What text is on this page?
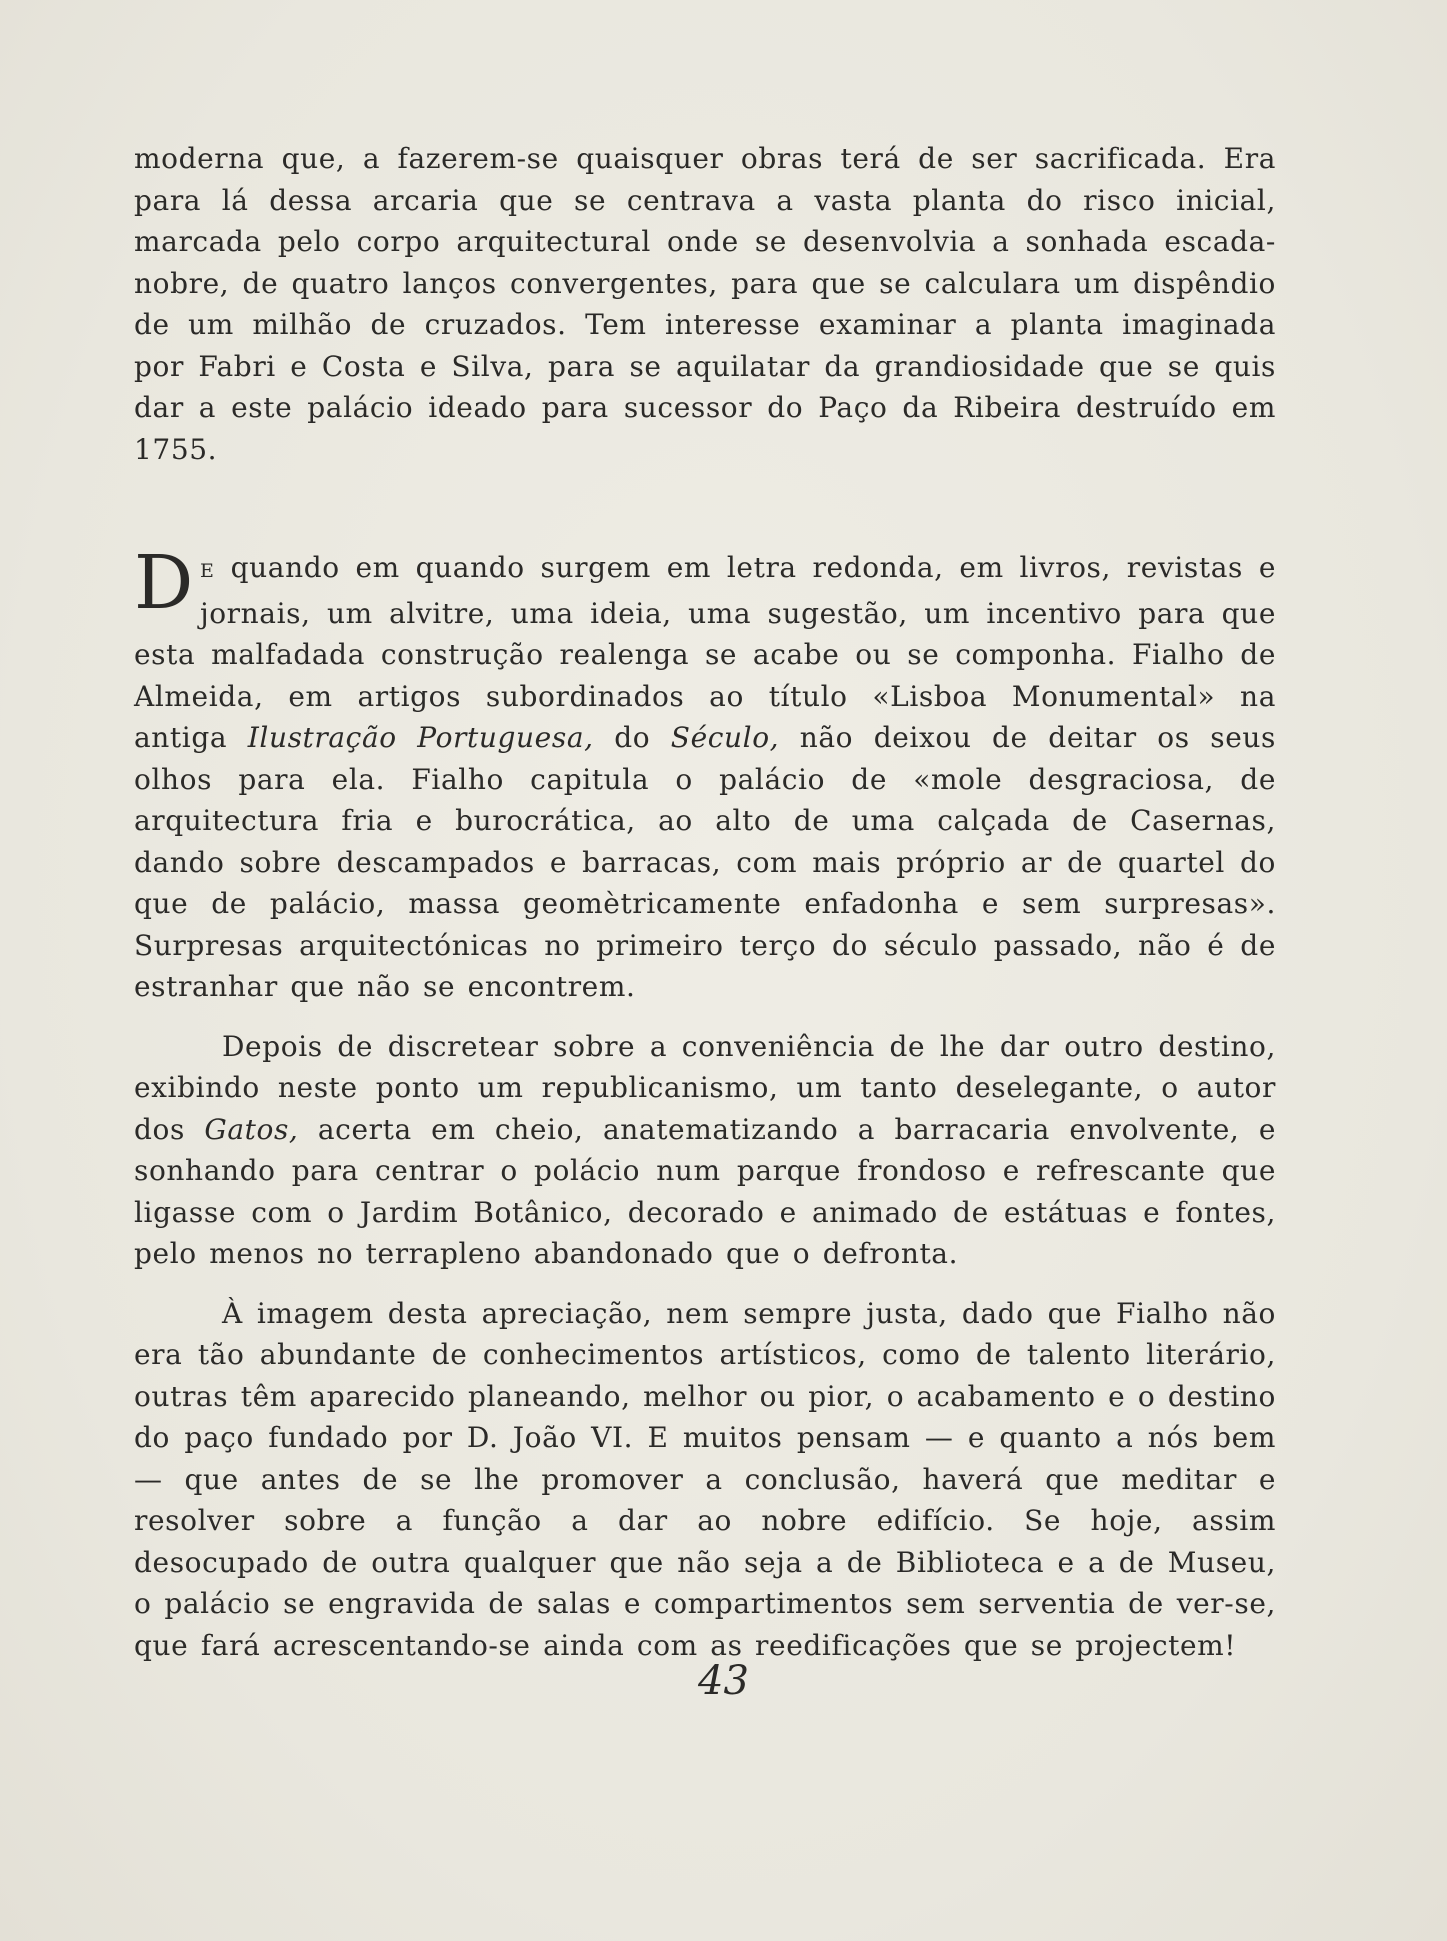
moderna que, a fazerem-se quaisquer obras terá de ser sacrificada. Era para lá dessa arcaria que se centrava a vasta planta do risco inicial, marcada pelo corpo arquitectural onde se desenvolvia a sonhada escada-nobre, de quatro lanços convergentes, para que se calculara um dispêndio de um milhão de cruzados. Tem interesse examinar a planta imaginada por Fabri e Costa e Silva, para se aquilatar da grandiosidade que se quis dar a este palácio ideado para sucessor do Paço da Ribeira destruído em 1755.

D E quando em quando surgem em letra redonda, em livros, revistas e jornais, um alvitre, uma ideia, uma sugestão, um incentivo para que esta malfadada construção realenga se acabe ou se componha. Fialho de Almeida, em artigos subordinados ao título «Lisboa Monumental» na antiga Ilustração Portuguesa, do Século, não deixou de deitar os seus olhos para ela. Fialho capitula o palácio de «mole desgraciosa, de arquitectura fria e burocrática, ao alto de uma calçada de Casernas, dando sobre descampados e barracas, com mais próprio ar de quartel do que de palácio, massa geomètricamente enfadonha e sem surpresas». Surpresas arquitectónicas no primeiro terço do século passado, não é de estranhar que não se encontrem.

Depois de discretear sobre a conveniência de lhe dar outro destino, exibindo neste ponto um republicanismo, um tanto deselegante, o autor dos Gatos, acerta em cheio, anatematizando a barracaria envolvente, e sonhando para centrar o polácio num parque frondoso e refrescante que ligasse com o Jardim Botânico, decorado e animado de estátuas e fontes, pelo menos no terrapleno abandonado que o defronta.

À imagem desta apreciação, nem sempre justa, dado que Fialho não era tão abundante de conhecimentos artísticos, como de talento literário, outras têm aparecido planeando, melhor ou pior, o acabamento e o destino do paço fundado por D. João VI. E muitos pensam — e quanto a nós bem — que antes de se lhe promover a conclusão, haverá que meditar e resolver sobre a função a dar ao nobre edifício. Se hoje, assim desocupado de outra qualquer que não seja a de Biblioteca e a de Museu, o palácio se engravida de salas e compartimentos sem serventia de ver-se, que fará acrescentando-se ainda com as reedificações que se projectem!

43
